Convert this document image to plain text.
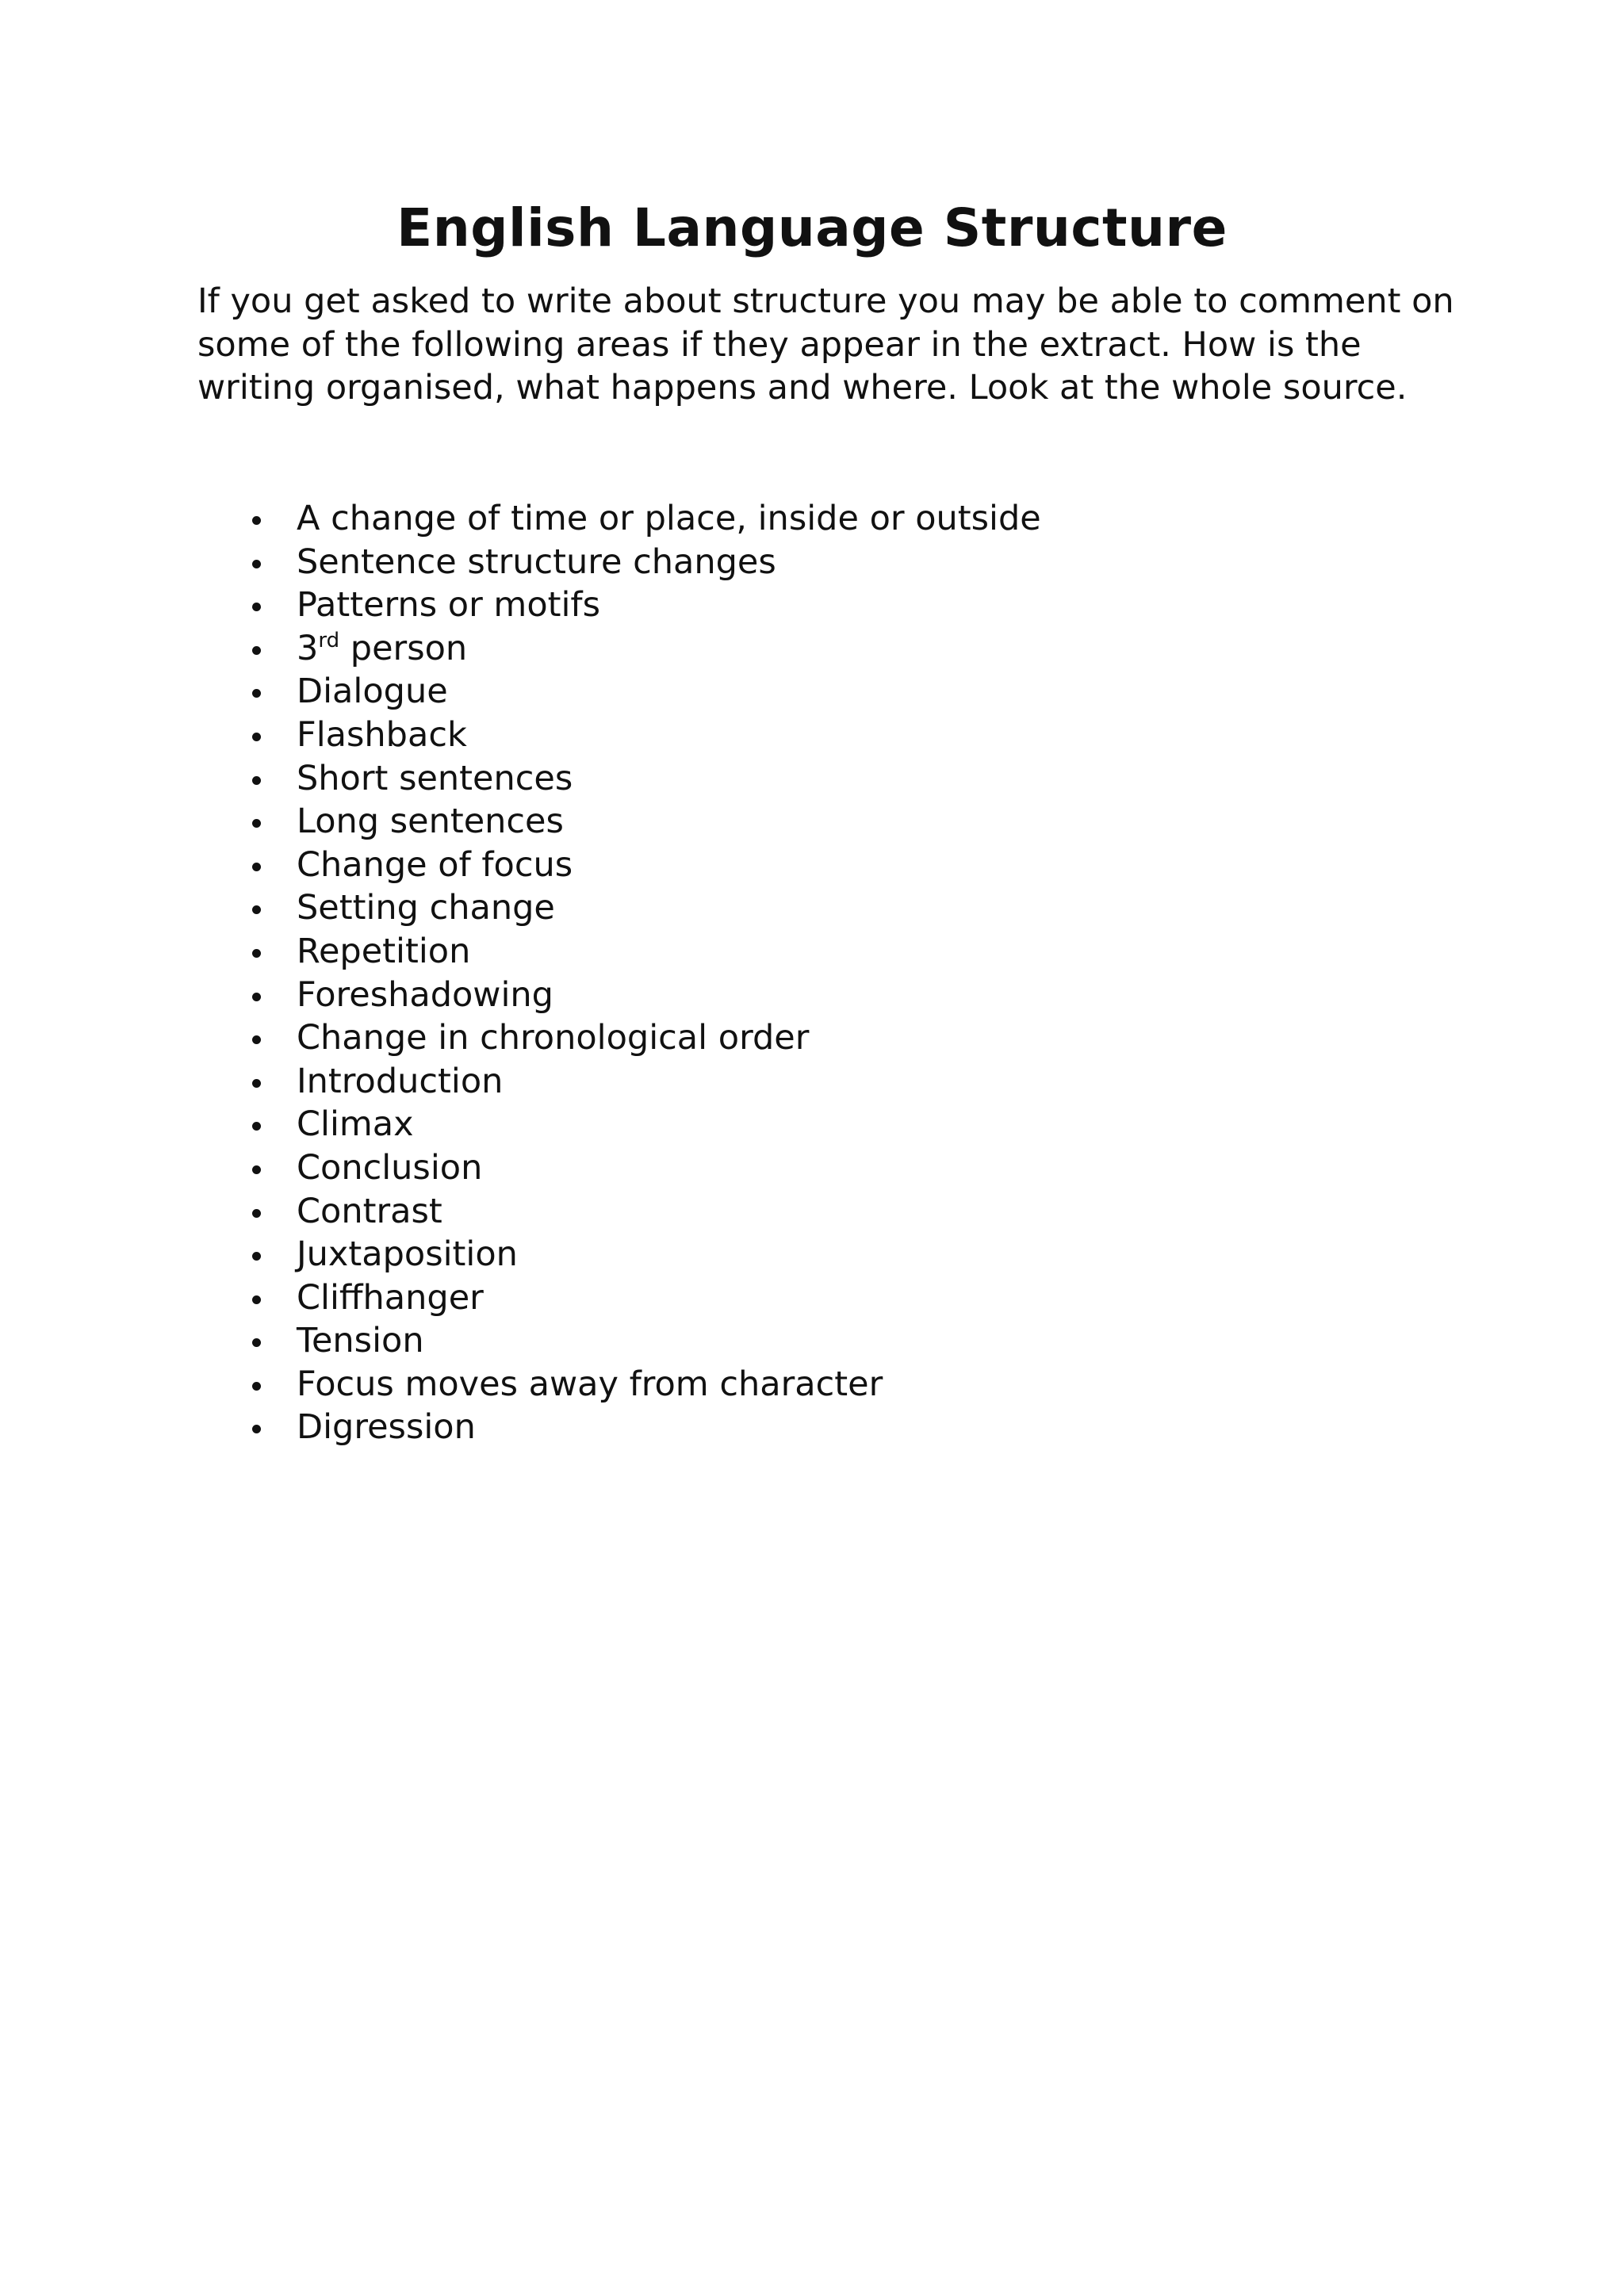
English Language Structure

If you get asked to write about structure you may be able to comment on
some of the following areas if they appear in the extract. How is the
writing organised, what happens and where. Look at the whole source.

A change of time or place, inside or outside
Sentence structure changes
Patterns or motifs
3rd person
Dialogue
Flashback
Short sentences
Long sentences
Change of focus
Setting change
Repetition
Foreshadowing
Change in chronological order
Introduction
Climax
Conclusion
Contrast
Juxtaposition
Cliffhanger
Tension
Focus moves away from character
Digression
